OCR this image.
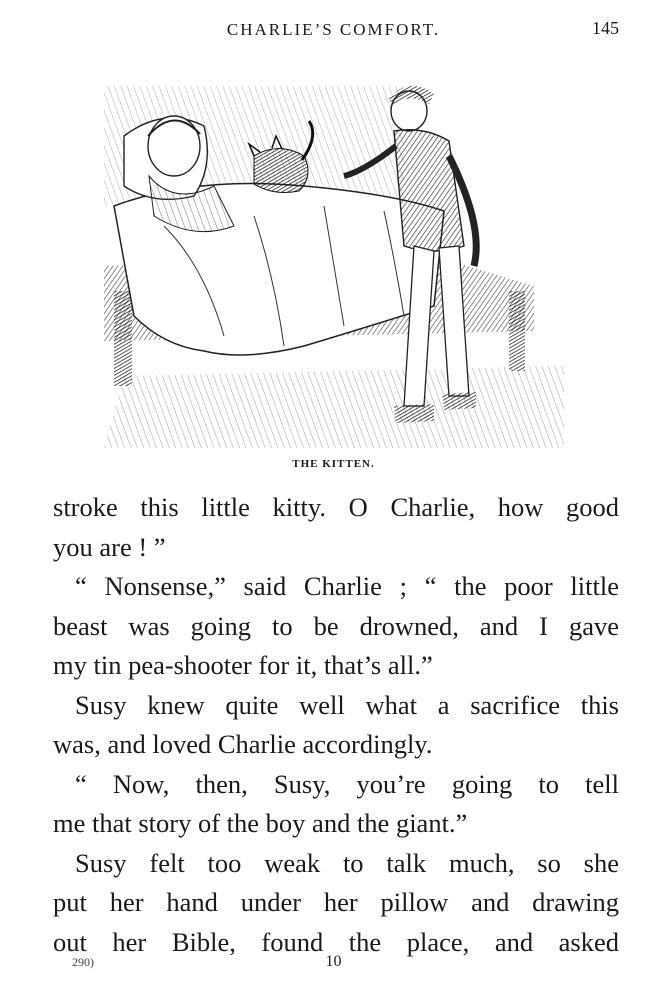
CHARLIE’S COMFORT.	145
THE KITTEN.
stroke this little kitty. O Charlie, how good
you are ! ”
“ Nonsense,” said Charlie ; “ the poor little
beast was going to be drowned, and I gave
my tin pea-shooter for it, that’s all.”
Susy knew quite well what a sacrifice this
was, and loved Charlie accordingly.
“ Now, then, Susy, you’re going to tell
me that story of the boy and the giant.”
Susy felt too weak to talk much, so she
put her hand under her pillow and drawing
out her Bible, found the place, and asked
290)	10
